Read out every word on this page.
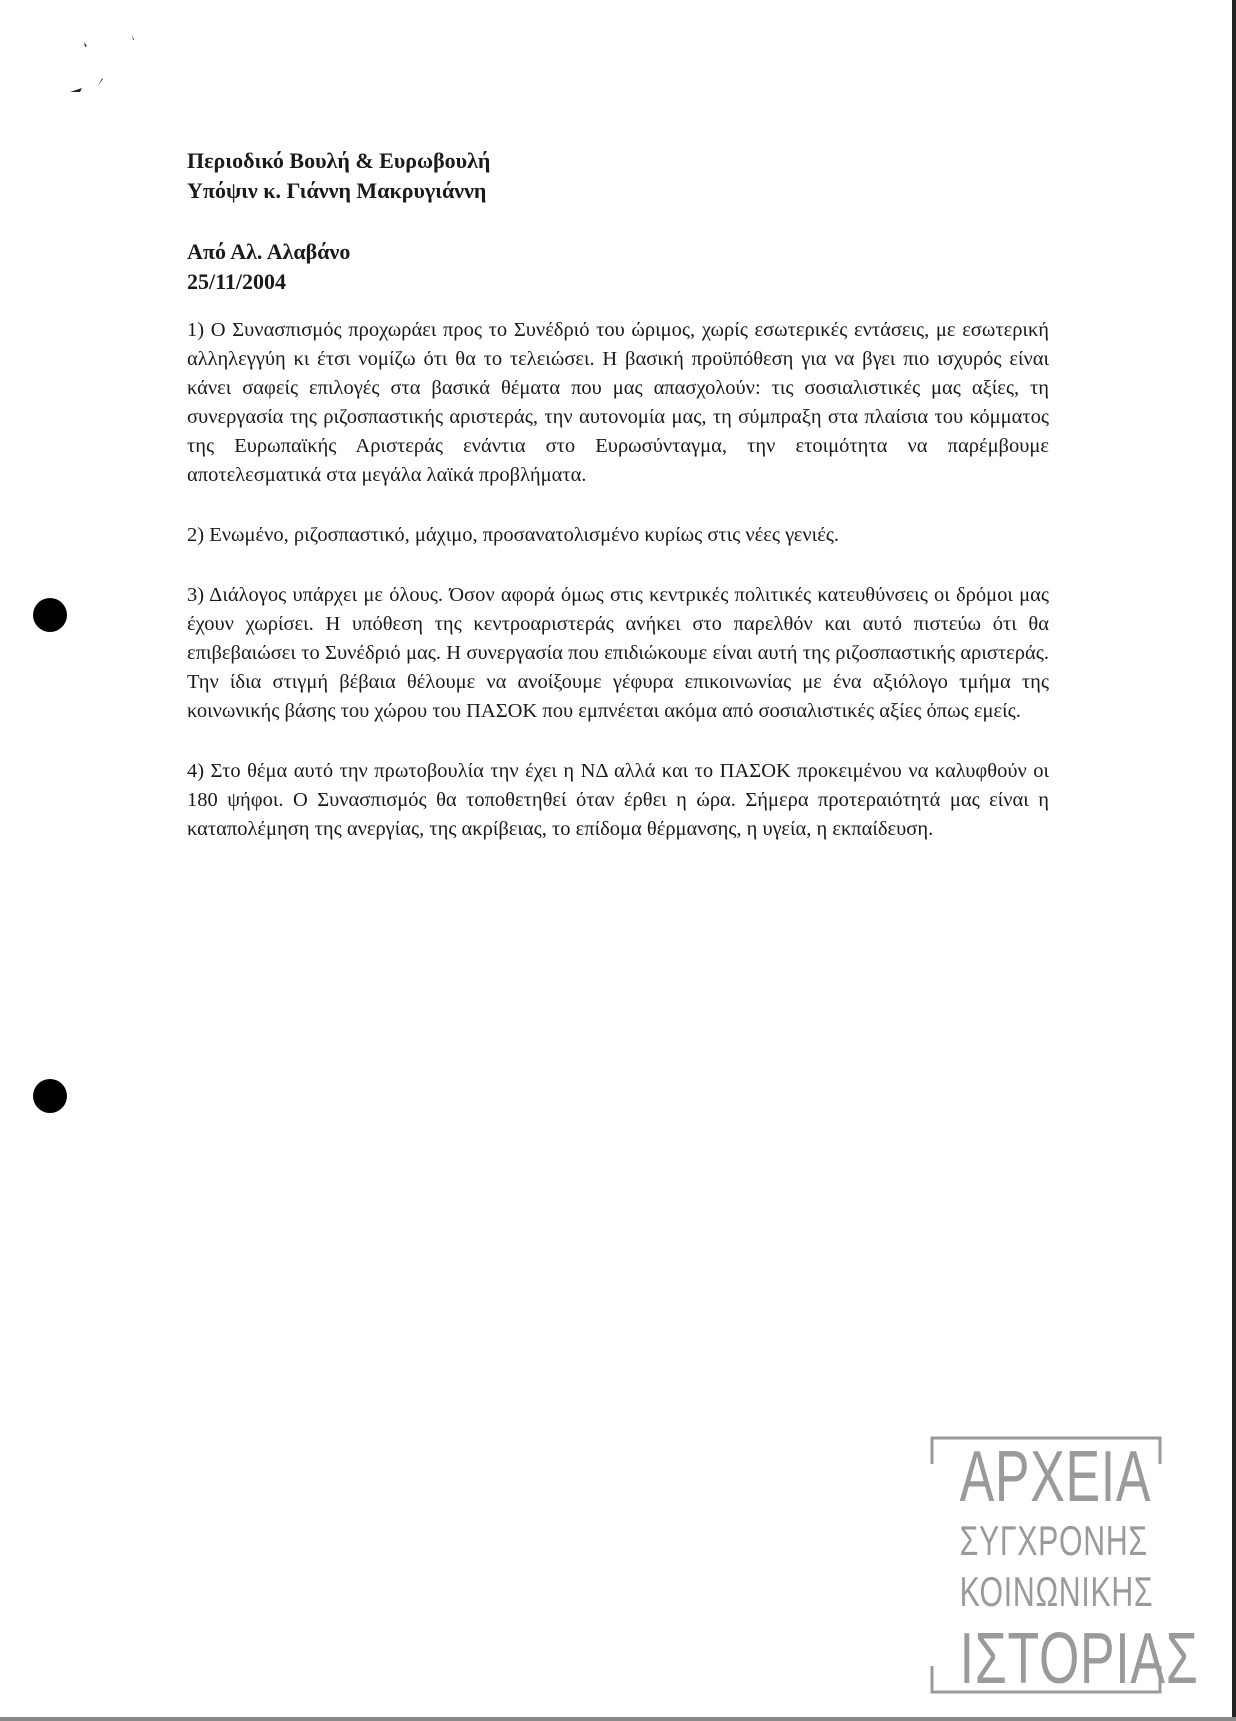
Περιοδικό Βουλή & Ευρωβουλή
Υπόψιν κ. Γιάννη Μακρυγιάννη
Από Αλ. Αλαβάνο
25/11/2004

1) Ο Συνασπισμός προχωράει προς το Συνέδριό του ώριμος, χωρίς εσωτερικές εντάσεις, με εσωτερική αλληλεγγύη κι έτσι νομίζω ότι θα το τελειώσει. Η βασική προϋπόθεση για να βγει πιο ισχυρός είναι κάνει σαφείς επιλογές στα βασικά θέματα που μας απασχολούν: τις σοσιαλιστικές μας αξίες, τη συνεργασία της ριζοσπαστικής αριστεράς, την αυτονομία μας, τη σύμπραξη στα πλαίσια του κόμματος της Ευρωπαϊκής Αριστεράς ενάντια στο Ευρωσύνταγμα, την ετοιμότητα να παρέμβουμε αποτελεσματικά στα μεγάλα λαϊκά προβλήματα.

2) Ενωμένο, ριζοσπαστικό, μάχιμο, προσανατολισμένο κυρίως στις νέες γενιές.

3) Διάλογος υπάρχει με όλους. Όσον αφορά όμως στις κεντρικές πολιτικές κατευθύνσεις οι δρόμοι μας έχουν χωρίσει. Η υπόθεση της κεντροαριστεράς ανήκει στο παρελθόν και αυτό πιστεύω ότι θα επιβεβαιώσει το Συνέδριό μας. Η συνεργασία που επιδιώκουμε είναι αυτή της ριζοσπαστικής αριστεράς. Την ίδια στιγμή βέβαια θέλουμε να ανοίξουμε γέφυρα επικοινωνίας με ένα αξιόλογο τμήμα της κοινωνικής βάσης του χώρου του ΠΑΣΟΚ που εμπνέεται ακόμα από σοσιαλιστικές αξίες όπως εμείς.

4) Στο θέμα αυτό την πρωτοβουλία την έχει η ΝΔ αλλά και το ΠΑΣΟΚ προκειμένου να καλυφθούν οι 180 ψήφοι. Ο Συνασπισμός θα τοποθετηθεί όταν έρθει η ώρα. Σήμερα προτεραιότητά μας είναι η καταπολέμηση της ανεργίας, της ακρίβειας, το επίδομα θέρμανσης, η υγεία, η εκπαίδευση.

ΑΡΧΕΙΑ
ΣΥΓΧΡΟΝΗΣ
ΚΟΙΝΩΝΙΚΗΣ
ΙΣΤΟΡΙΑΣ
